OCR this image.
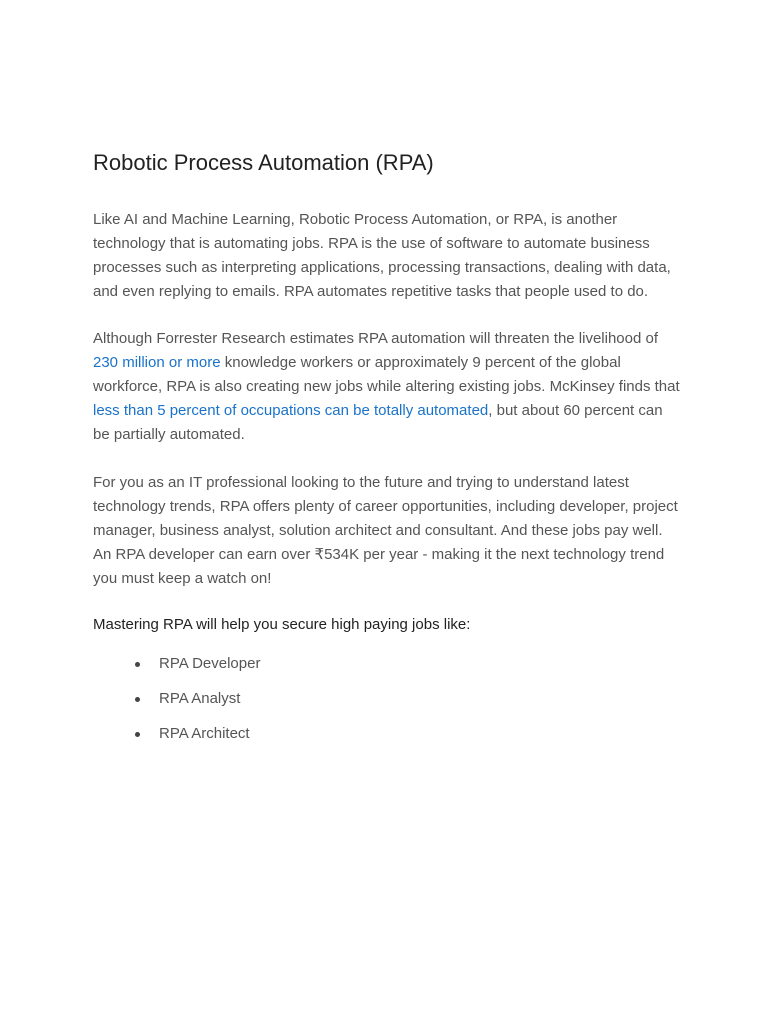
Robotic Process Automation (RPA)

Like AI and Machine Learning, Robotic Process Automation, or RPA, is another technology that is automating jobs. RPA is the use of software to automate business processes such as interpreting applications, processing transactions, dealing with data, and even replying to emails. RPA automates repetitive tasks that people used to do.

Although Forrester Research estimates RPA automation will threaten the livelihood of 230 million or more knowledge workers or approximately 9 percent of the global workforce, RPA is also creating new jobs while altering existing jobs. McKinsey finds that less than 5 percent of occupations can be totally automated, but about 60 percent can be partially automated.

For you as an IT professional looking to the future and trying to understand latest technology trends, RPA offers plenty of career opportunities, including developer, project manager, business analyst, solution architect and consultant. And these jobs pay well. An RPA developer can earn over ₹534K per year - making it the next technology trend you must keep a watch on!

Mastering RPA will help you secure high paying jobs like:

RPA Developer
RPA Analyst
RPA Architect
